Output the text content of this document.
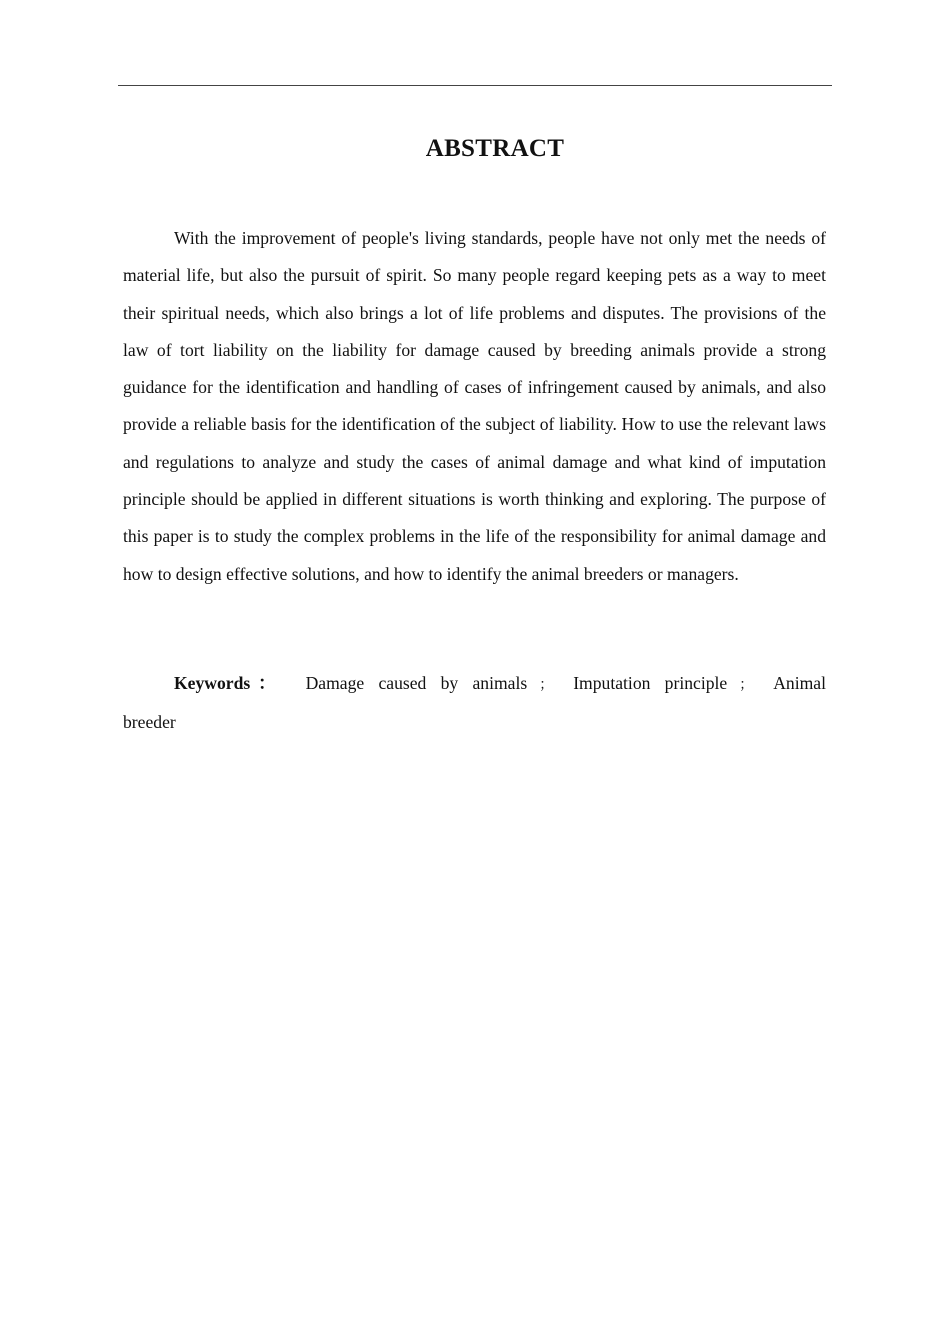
ABSTRACT

With the improvement of people's living standards, people have not only met the needs of material life, but also the pursuit of spirit. So many people regard keeping pets as a way to meet their spiritual needs, which also brings a lot of life problems and disputes. The provisions of the law of tort liability on the liability for damage caused by breeding animals provide a strong guidance for the identification and handling of cases of infringement caused by animals, and also provide a reliable basis for the identification of the subject of liability. How to use the relevant laws and regulations to analyze and study the cases of animal damage and what kind of imputation principle should be applied in different situations is worth thinking and exploring. The purpose of this paper is to study the complex problems in the life of the responsibility for animal damage and how to design effective solutions, and how to identify the animal breeders or managers.

Keywords： Damage caused by animals ； Imputation principle ； Animal breeder
